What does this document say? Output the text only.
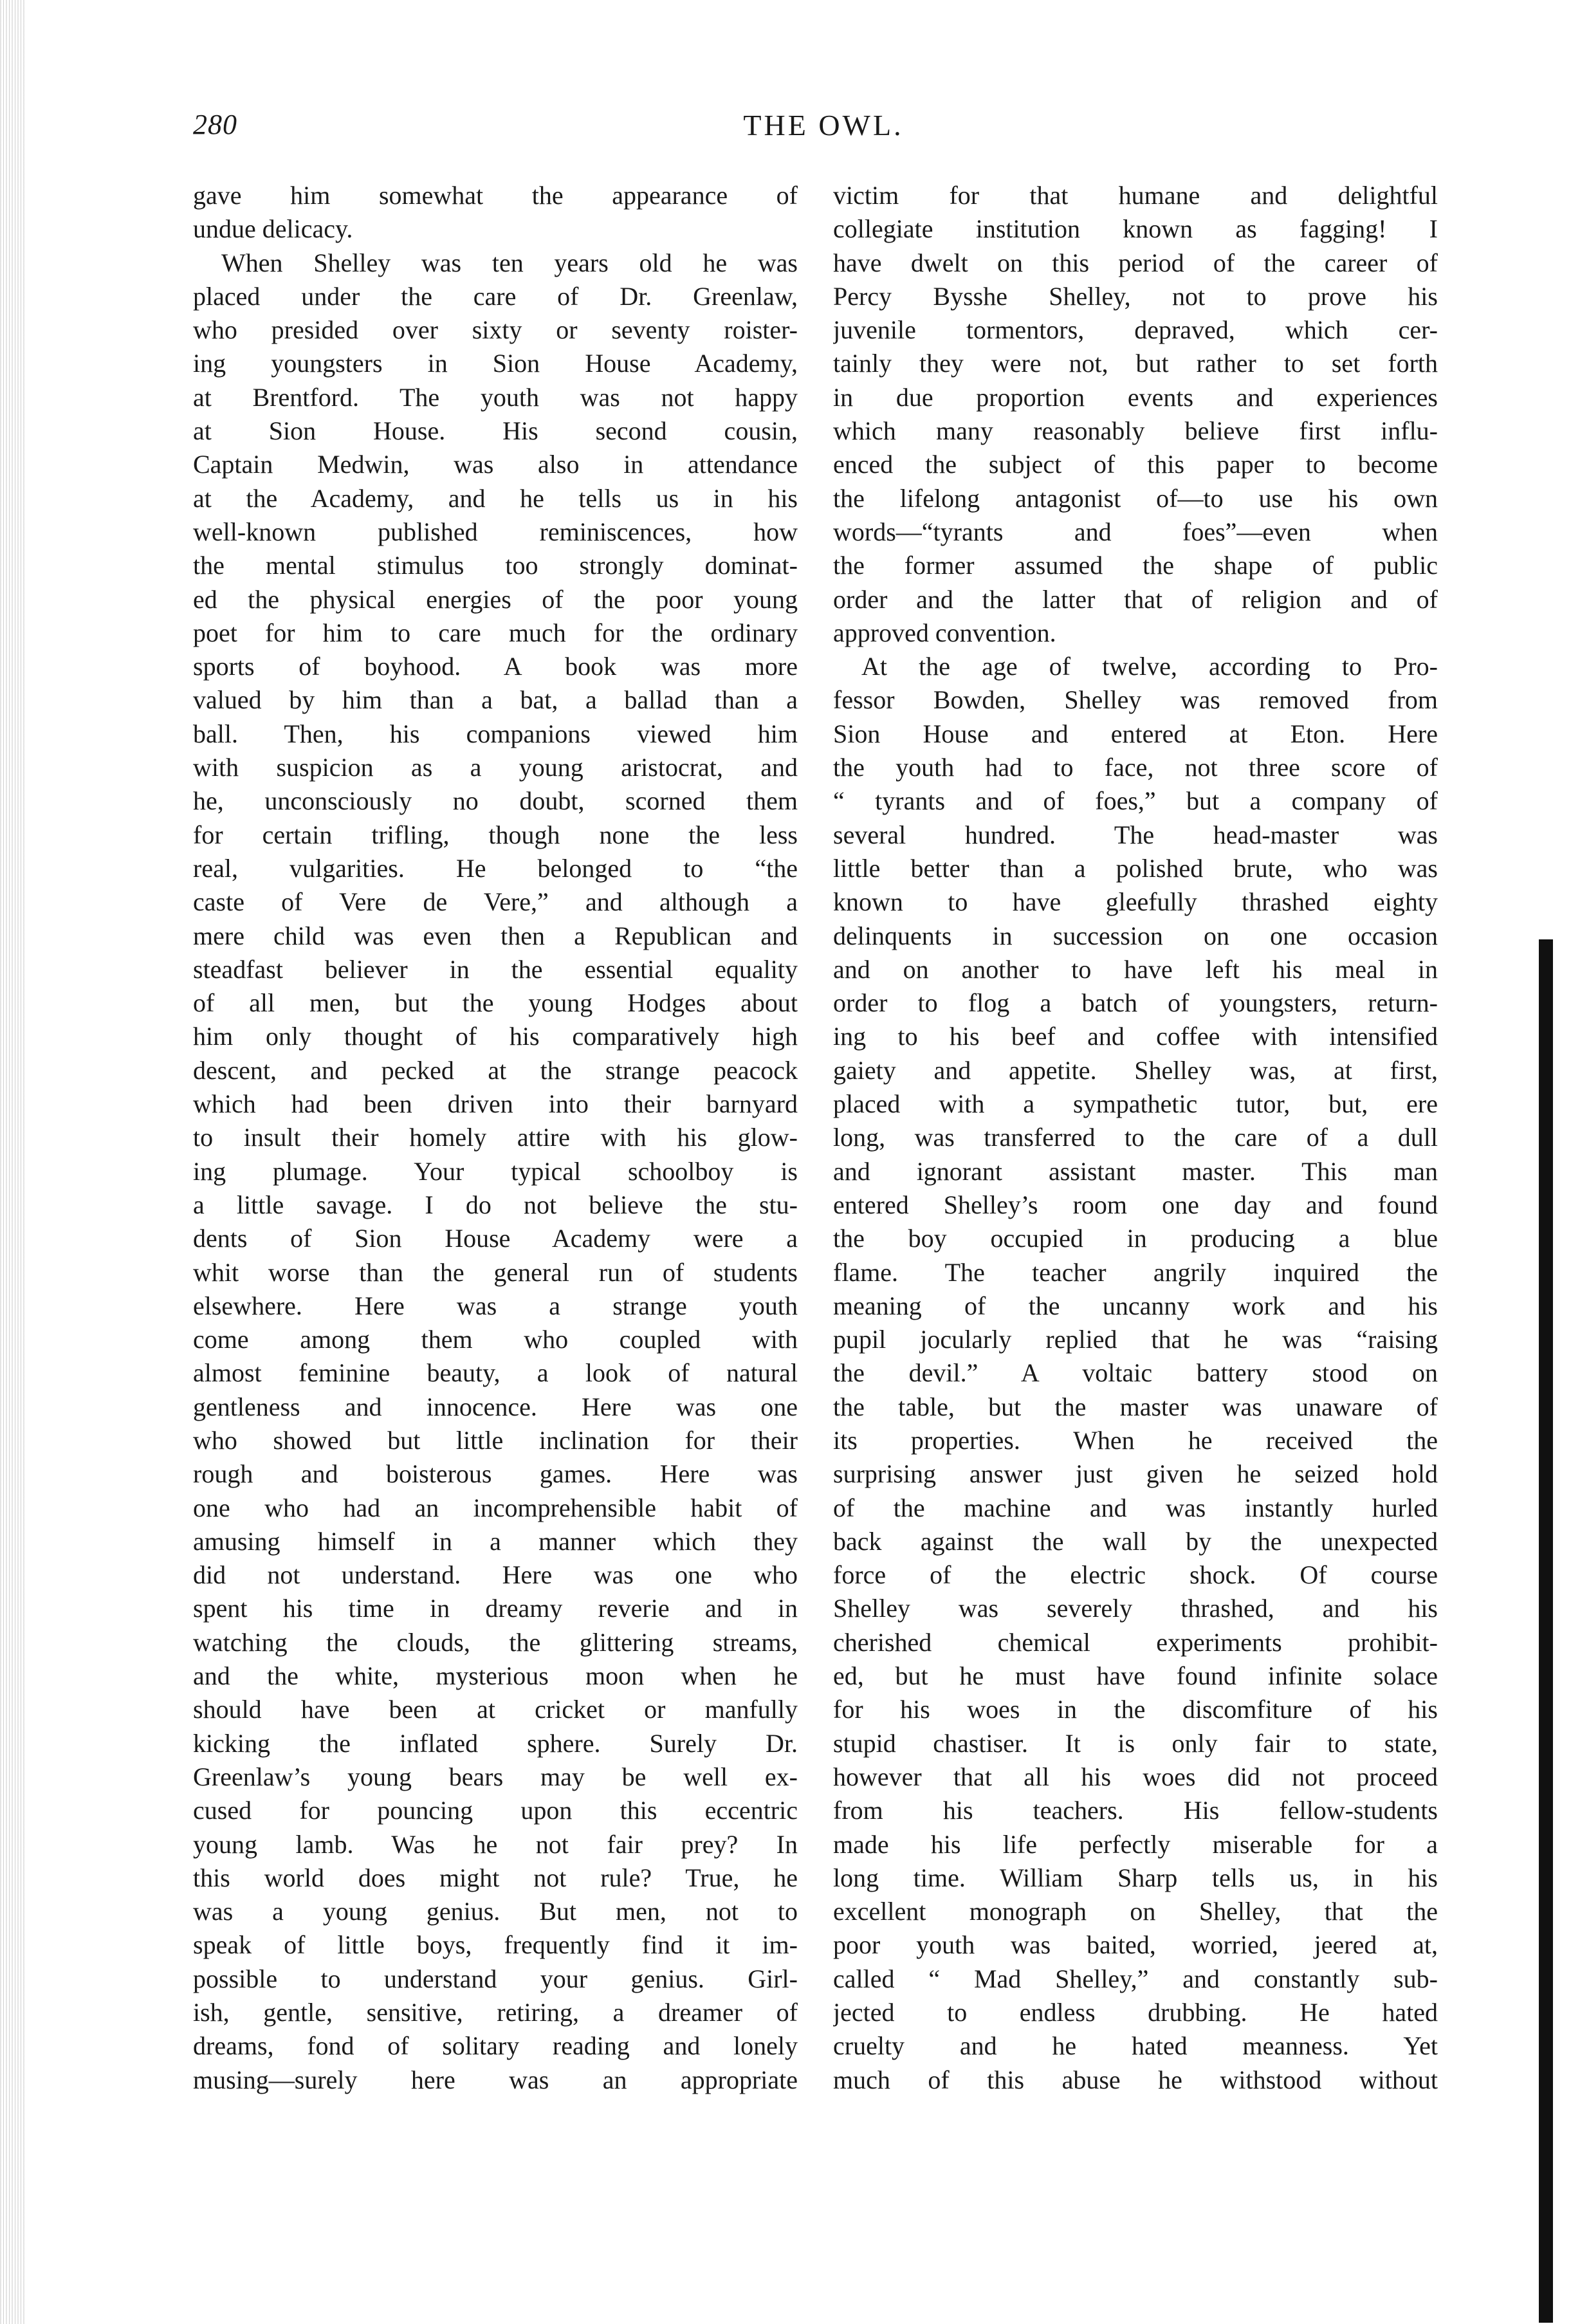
280	THE OWL.
gave him somewhat the appearance of
undue delicacy.
When Shelley was ten years old he was
placed under the care of Dr. Greenlaw,
who presided over sixty or seventy roister-
ing youngsters in Sion House Academy,
at Brentford. The youth was not happy
at Sion House. His second cousin,
Captain Medwin, was also in attendance
at the Academy, and he tells us in his
well-known published reminiscences, how
the mental stimulus too strongly dominat-
ed the physical energies of the poor young
poet for him to care much for the ordinary
sports of boyhood. A book was more
valued by him than a bat, a ballad than a
ball. Then, his companions viewed him
with suspicion as a young aristocrat, and
he, unconsciously no doubt, scorned them
for certain trifling, though none the less
real, vulgarities. He belonged to “the
caste of Vere de Vere,” and although a
mere child was even then a Republican and
steadfast believer in the essential equality
of all men, but the young Hodges about
him only thought of his comparatively high
descent, and pecked at the strange peacock
which had been driven into their barnyard
to insult their homely attire with his glow-
ing plumage. Your typical schoolboy is
a little savage. I do not believe the stu-
dents of Sion House Academy were a
whit worse than the general run of students
elsewhere. Here was a strange youth
come among them who coupled with
almost feminine beauty, a look of natural
gentleness and innocence. Here was one
who showed but little inclination for their
rough and boisterous games. Here was
one who had an incomprehensible habit of
amusing himself in a manner which they
did not understand. Here was one who
spent his time in dreamy reverie and in
watching the clouds, the glittering streams,
and the white, mysterious moon when he
should have been at cricket or manfully
kicking the inflated sphere. Surely Dr.
Greenlaw’s young bears may be well ex-
cused for pouncing upon this eccentric
young lamb. Was he not fair prey? In
this world does might not rule? True, he
was a young genius. But men, not to
speak of little boys, frequently find it im-
possible to understand your genius. Girl-
ish, gentle, sensitive, retiring, a dreamer of
dreams, fond of solitary reading and lonely
musing—surely here was an appropriate
victim for that humane and delightful
collegiate institution known as fagging! I
have dwelt on this period of the career of
Percy Bysshe Shelley, not to prove his
juvenile tormentors, depraved, which cer-
tainly they were not, but rather to set forth
in due proportion events and experiences
which many reasonably believe first influ-
enced the subject of this paper to become
the lifelong antagonist of—to use his own
words—“tyrants and foes”—even when
the former assumed the shape of public
order and the latter that of religion and of
approved convention.
At the age of twelve, according to Pro-
fessor Bowden, Shelley was removed from
Sion House and entered at Eton. Here
the youth had to face, not three score of
“ tyrants and of foes,” but a company of
several hundred. The head-master was
little better than a polished brute, who was
known to have gleefully thrashed eighty
delinquents in succession on one occasion
and on another to have left his meal in
order to flog a batch of youngsters, return-
ing to his beef and coffee with intensified
gaiety and appetite. Shelley was, at first,
placed with a sympathetic tutor, but, ere
long, was transferred to the care of a dull
and ignorant assistant master. This man
entered Shelley’s room one day and found
the boy occupied in producing a blue
flame. The teacher angrily inquired the
meaning of the uncanny work and his
pupil jocularly replied that he was “raising
the devil.” A voltaic battery stood on
the table, but the master was unaware of
its properties. When he received the
surprising answer just given he seized hold
of the machine and was instantly hurled
back against the wall by the unexpected
force of the electric shock. Of course
Shelley was severely thrashed, and his
cherished chemical experiments prohibit-
ed, but he must have found infinite solace
for his woes in the discomfiture of his
stupid chastiser. It is only fair to state,
however that all his woes did not proceed
from his teachers. His fellow-students
made his life perfectly miserable for a
long time. William Sharp tells us, in his
excellent monograph on Shelley, that the
poor youth was baited, worried, jeered at,
called “ Mad Shelley,” and constantly sub-
jected to endless drubbing. He hated
cruelty and he hated meanness. Yet
much of this abuse he withstood without
